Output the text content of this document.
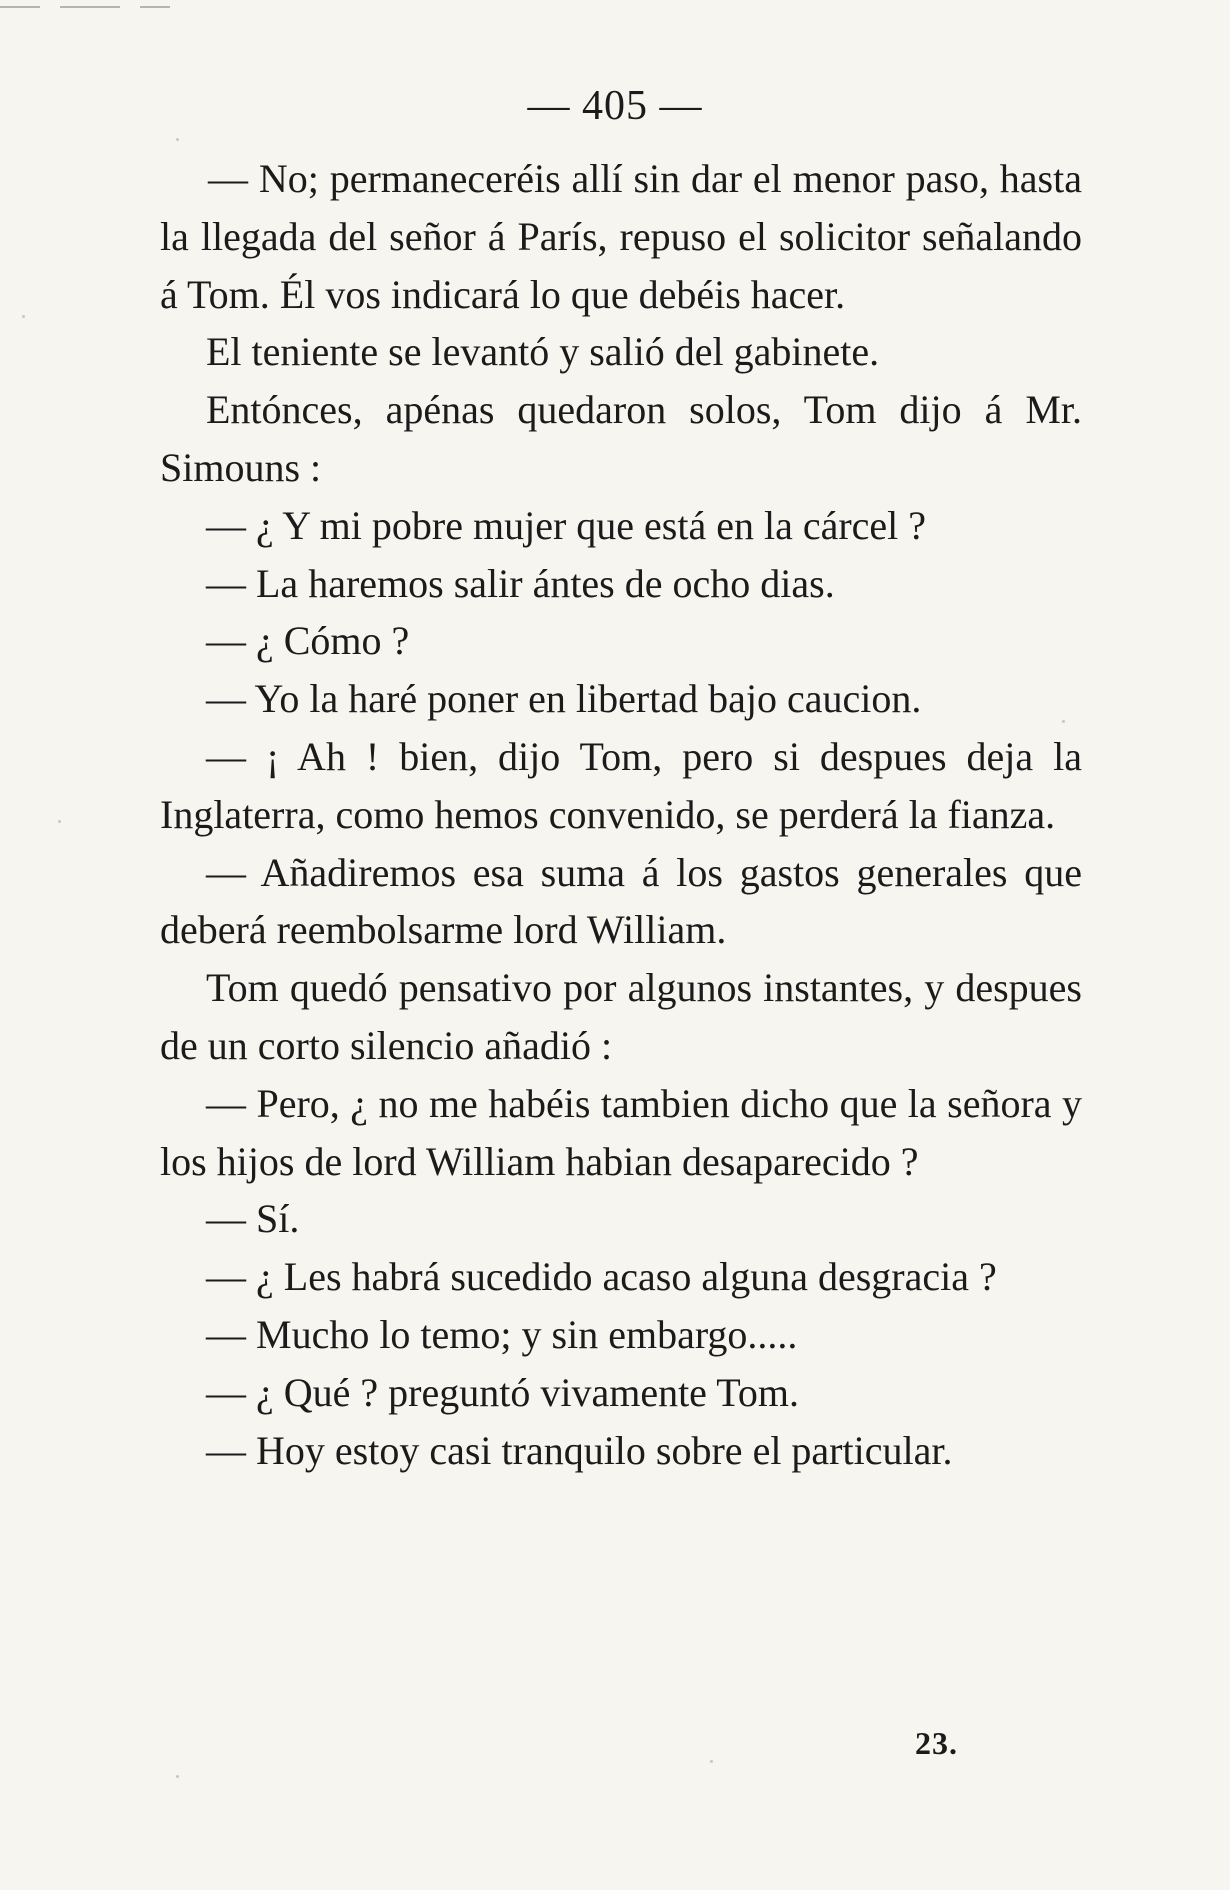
— 405 —

— No; permaneceréis allí sin dar el menor paso, hasta la llegada del señor á París, repuso el solicitor señalando á Tom. Él vos indicará lo que debéis hacer.

El teniente se levantó y salió del gabinete.

Entónces, apénas quedaron solos, Tom dijo á Mr. Simouns :

— ¿ Y mi pobre mujer que está en la cárcel ?

— La haremos salir ántes de ocho dias.

— ¿ Cómo ?

— Yo la haré poner en libertad bajo caucion.

— ¡ Ah ! bien, dijo Tom, pero si despues deja la Inglaterra, como hemos convenido, se perderá la fianza.

— Añadiremos esa suma á los gastos generales que deberá reembolsarme lord William.

Tom quedó pensativo por algunos instantes, y despues de un corto silencio añadió :

— Pero, ¿ no me habéis tambien dicho que la señora y los hijos de lord William habian desaparecido ?

— Sí.

— ¿ Les habrá sucedido acaso alguna desgracia ?

— Mucho lo temo; y sin embargo.....

— ¿ Qué ? preguntó vivamente Tom.

— Hoy estoy casi tranquilo sobre el particular.

23.
